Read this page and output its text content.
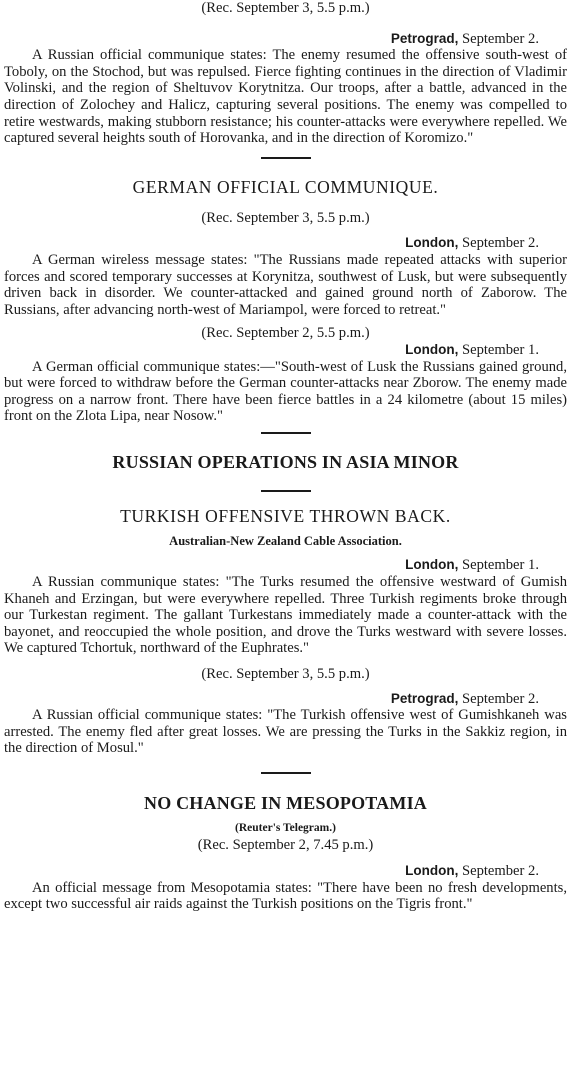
(Rec. September 3, 5.5 p.m.)

Petrograd, September 2.

A Russian official communique states: The enemy resumed the offensive south-west of Toboly, on the Stochod, but was repulsed. Fierce fighting continues in the direction of Vladimir Volinski, and the region of Sheltuvov Korytnitza. Our troops, after a battle, advanced in the direction of Zolochey and Halicz, capturing several positions. The enemy was compelled to retire westwards, making stubborn resistance; his counter-attacks were everywhere repelled. We captured several heights south of Horovanka, and in the direction of Koromizo."

GERMAN OFFICIAL COMMUNIQUE.

(Rec. September 3, 5.5 p.m.)

London, September 2.

A German wireless message states: "The Russians made repeated attacks with superior forces and scored temporary successes at Korynitza, southwest of Lusk, but were subsequently driven back in disorder. We counter-attacked and gained ground north of Zaborow. The Russians, after advancing north-west of Mariampol, were forced to retreat."

(Rec. September 2, 5.5 p.m.)

London, September 1.

A German official communique states:—"South-west of Lusk the Russians gained ground, but were forced to withdraw before the German counter-attacks near Zborow. The enemy made progress on a narrow front. There have been fierce battles in a 24 kilometre (about 15 miles) front on the Zlota Lipa, near Nosow."

RUSSIAN OPERATIONS IN ASIA MINOR
TURKISH OFFENSIVE THROWN BACK.

Australian-New Zealand Cable Association.

London, September 1.

A Russian communique states: "The Turks resumed the offensive westward of Gumish Khaneh and Erzingan, but were everywhere repelled. Three Turkish regiments broke through our Turkestan regiment. The gallant Turkestans immediately made a counter-attack with the bayonet, and reoccupied the whole position, and drove the Turks westward with severe losses. We captured Tchortuk, northward of the Euphrates."

(Rec. September 3, 5.5 p.m.)

Petrograd, September 2.

A Russian official communique states: "The Turkish offensive west of Gumishkaneh was arrested. The enemy fled after great losses. We are pressing the Turks in the Sakkiz region, in the direction of Mosul."

NO CHANGE IN MESOPOTAMIA

(Reuter's Telegram.)

(Rec. September 2, 7.45 p.m.)

London, September 2.

An official message from Mesopotamia states: "There have been no fresh developments, except two successful air raids against the Turkish positions on the Tigris front."
